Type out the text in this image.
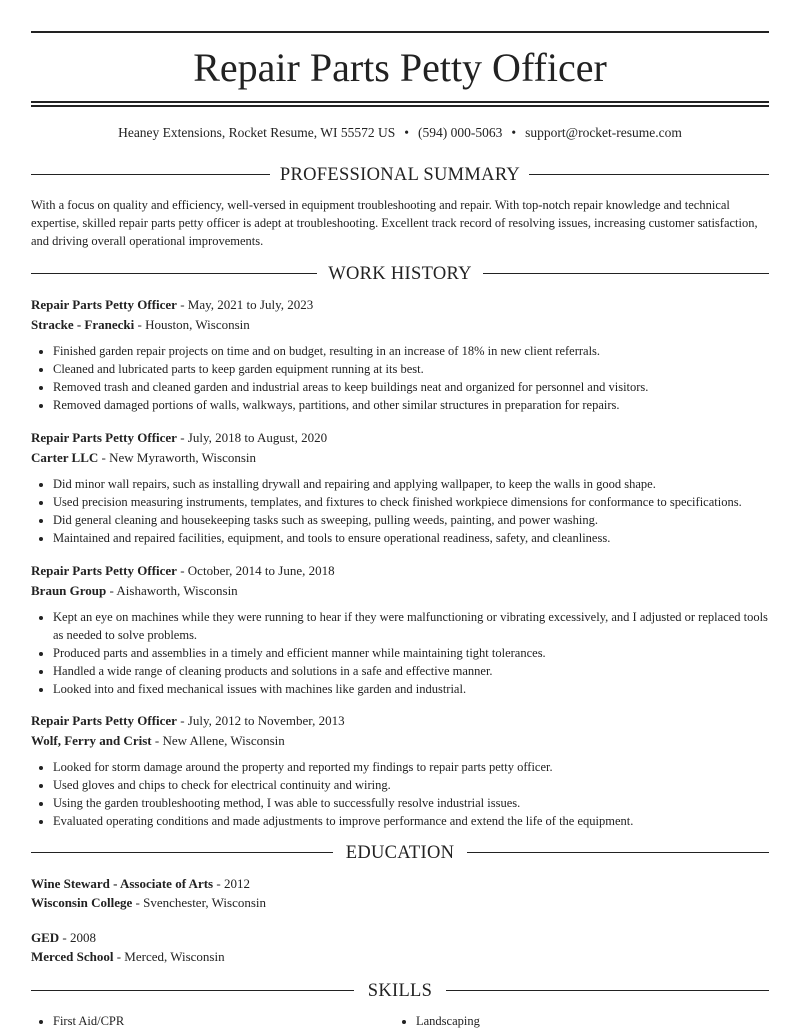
Repair Parts Petty Officer
Heaney Extensions, Rocket Resume, WI 55572 US • (594) 000-5063 • support@rocket-resume.com
PROFESSIONAL SUMMARY
With a focus on quality and efficiency, well-versed in equipment troubleshooting and repair. With top-notch repair knowledge and technical expertise, skilled repair parts petty officer is adept at troubleshooting. Excellent track record of resolving issues, increasing customer satisfaction, and driving overall operational improvements.
WORK HISTORY
Repair Parts Petty Officer - May, 2021 to July, 2023
Stracke - Franecki - Houston, Wisconsin
• Finished garden repair projects on time and on budget, resulting in an increase of 18% in new client referrals.
• Cleaned and lubricated parts to keep garden equipment running at its best.
• Removed trash and cleaned garden and industrial areas to keep buildings neat and organized for personnel and visitors.
• Removed damaged portions of walls, walkways, partitions, and other similar structures in preparation for repairs.
Repair Parts Petty Officer - July, 2018 to August, 2020
Carter LLC - New Myraworth, Wisconsin
• Did minor wall repairs, such as installing drywall and repairing and applying wallpaper, to keep the walls in good shape.
• Used precision measuring instruments, templates, and fixtures to check finished workpiece dimensions for conformance to specifications.
• Did general cleaning and housekeeping tasks such as sweeping, pulling weeds, painting, and power washing.
• Maintained and repaired facilities, equipment, and tools to ensure operational readiness, safety, and cleanliness.
Repair Parts Petty Officer - October, 2014 to June, 2018
Braun Group - Aishaworth, Wisconsin
• Kept an eye on machines while they were running to hear if they were malfunctioning or vibrating excessively, and I adjusted or replaced tools as needed to solve problems.
• Produced parts and assemblies in a timely and efficient manner while maintaining tight tolerances.
• Handled a wide range of cleaning products and solutions in a safe and effective manner.
• Looked into and fixed mechanical issues with machines like garden and industrial.
Repair Parts Petty Officer - July, 2012 to November, 2013
Wolf, Ferry and Crist - New Allene, Wisconsin
• Looked for storm damage around the property and reported my findings to repair parts petty officer.
• Used gloves and chips to check for electrical continuity and wiring.
• Using the garden troubleshooting method, I was able to successfully resolve industrial issues.
• Evaluated operating conditions and made adjustments to improve performance and extend the life of the equipment.
EDUCATION
Wine Steward - Associate of Arts - 2012
Wisconsin College - Svenchester, Wisconsin
GED - 2008
Merced School - Merced, Wisconsin
SKILLS
• First Aid/CPR
•	Landscaping
